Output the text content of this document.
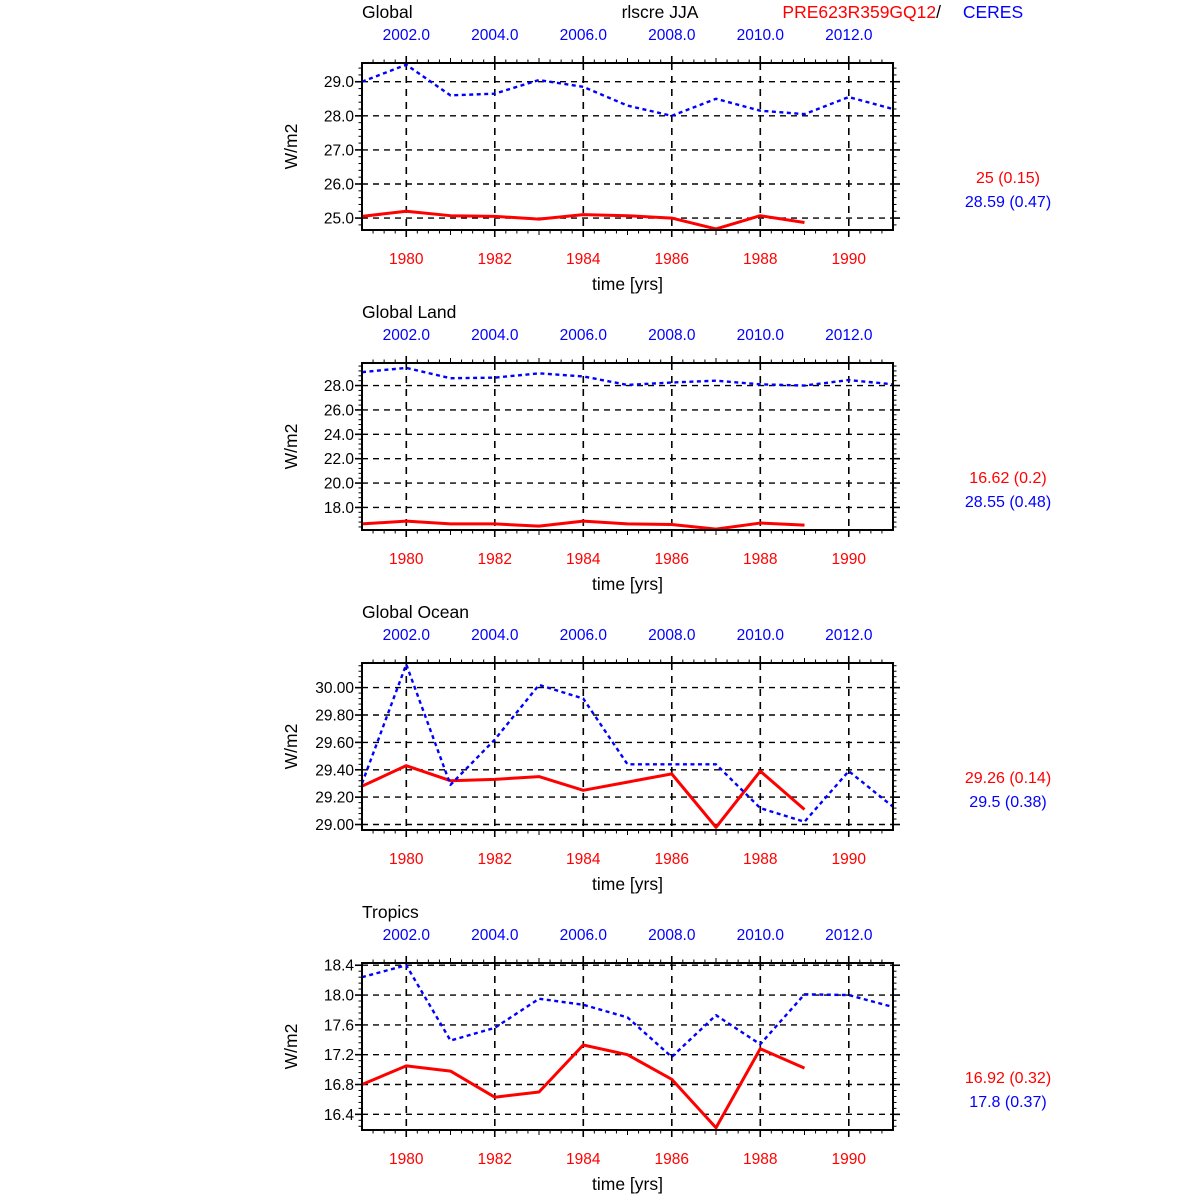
Global
2002.0	2004.0	2006.0	2008.0	2010.0	2012.0
1980	1982	1984	1986	1988	1990
25.0
26.0
27.0
28.0
29.0
time [yrs]
W/m2
25 (0.15)
28.59 (0.47)
rlscre JJA	PRE623R359GQ12/ CERES
Global Land
2002.0	2004.0	2006.0	2008.0	2010.0	2012.0
1980	1982	1984	1986	1988	1990
18.0
20.0
22.0
24.0
26.0
28.0
time [yrs]
W/m2
16.62 (0.2)
28.55 (0.48)
Global Ocean
2002.0	2004.0	2006.0	2008.0	2010.0	2012.0
1980	1982	1984	1986	1988	1990
29.00
29.20
29.40
29.60
29.80
30.00
time [yrs]
W/m2
29.26 (0.14)
29.5 (0.38)
Tropics
2002.0	2004.0	2006.0	2008.0	2010.0	2012.0
1980	1982	1984	1986	1988	1990
16.4
16.8
17.2
17.6
18.0
18.4
time [yrs]
W/m2
16.92 (0.32)
17.8 (0.37)
